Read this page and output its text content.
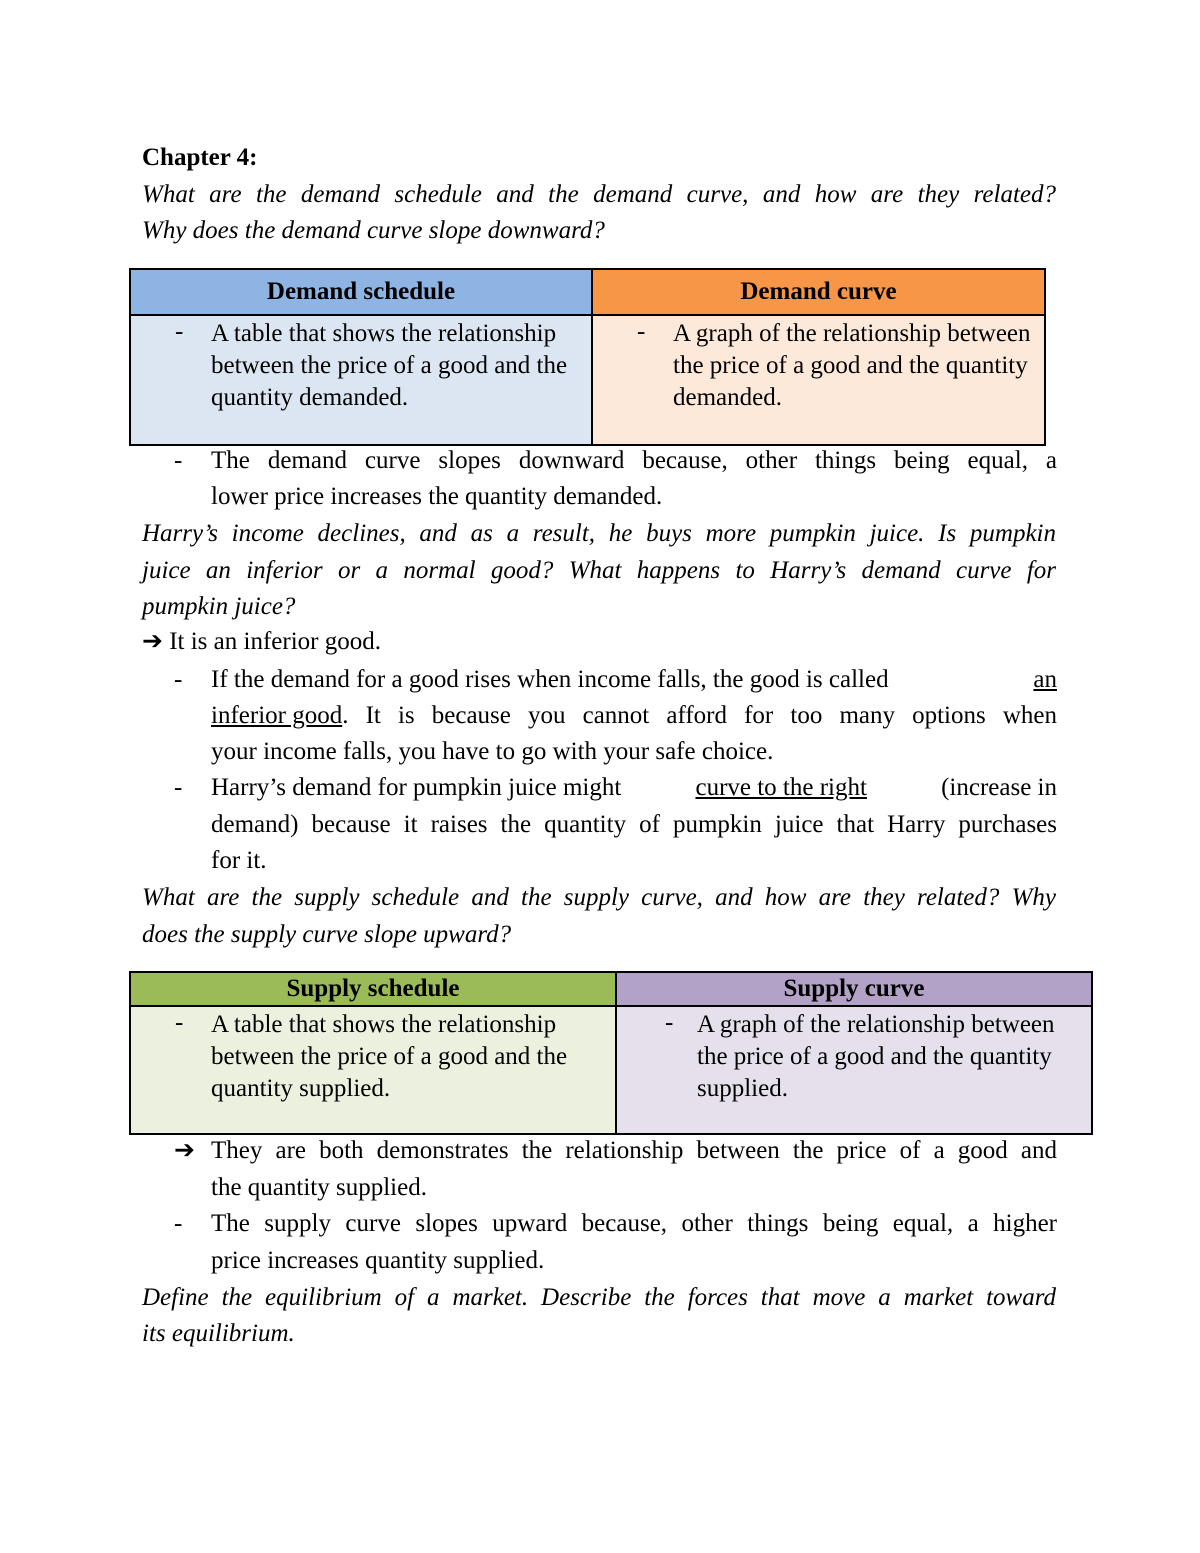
Chapter 4:
What are the demand schedule and the demand curve, and how are they related?
Why does the demand curve slope downward?
Demand schedule	Demand curve

- A table that shows the relationship between the price of a good and the quantity demanded.	- A graph of the relationship between the price of a good and the quantity demanded.
- The demand curve slopes downward because, other things being equal, a
lower price increases the quantity demanded.
Harry’s income declines, and as a result, he buys more pumpkin juice. Is pumpkin
juice an inferior or a normal good? What happens to Harry’s demand curve for
pumpkin juice?
➔ It is an inferior good.
- If the demand for a good rises when income falls, the good is called	an
inferior good . It is because you cannot afford for too many options when
your income falls, you have to go with your safe choice.
- Harry’s demand for pumpkin juice might	curve to the right	(increase in
demand) because it raises the quantity of pumpkin juice that Harry purchases
for it.
What are the supply schedule and the supply curve, and how are they related? Why
does the supply curve slope upward?
Supply schedule	Supply curve

- A table that shows the relationship between the price of a good and the quantity supplied.	- A graph of the relationship between the price of a good and the quantity supplied.
➔ They are both demonstrates the relationship between the price of a good and
the quantity supplied.
- The supply curve slopes upward because, other things being equal, a higher
price increases quantity supplied.
Define the equilibrium of a market. Describe the forces that move a market toward
its equilibrium.
